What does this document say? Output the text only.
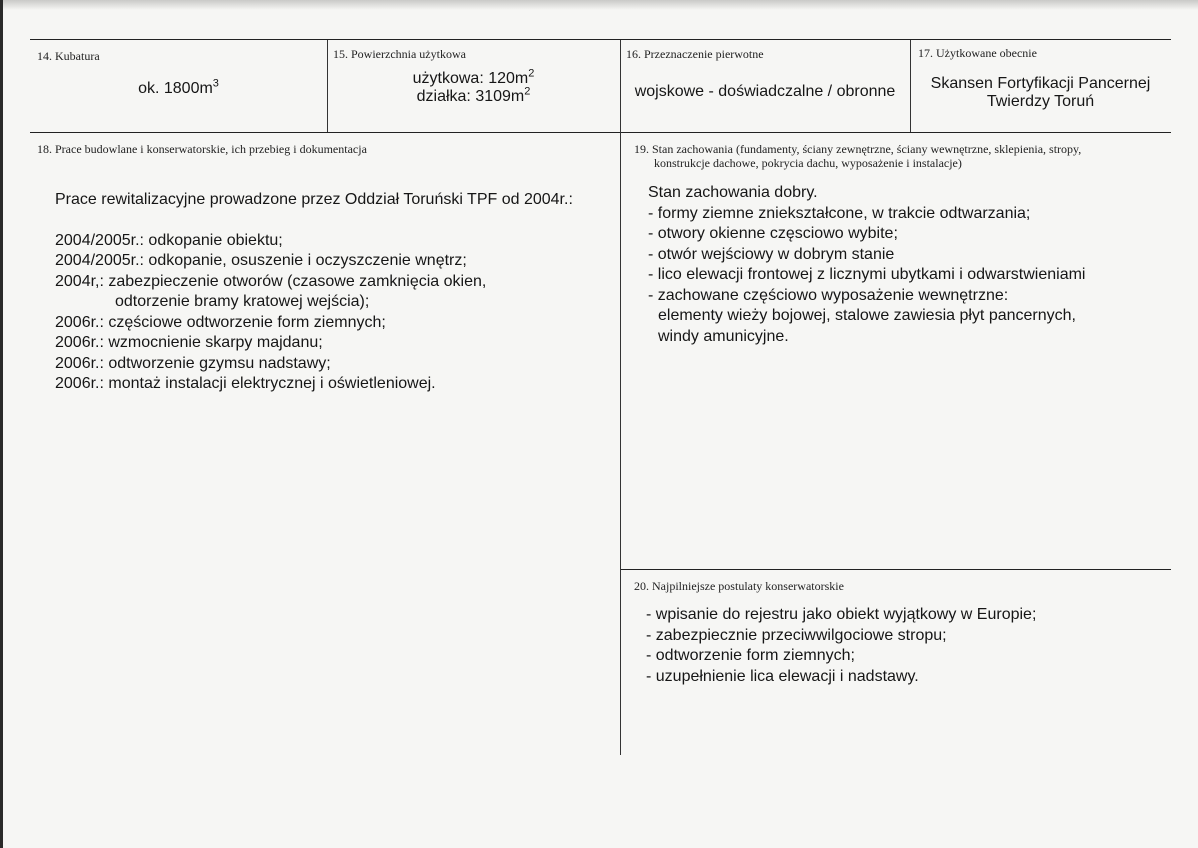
14. Kubatura
ok. $1800m^3$
15. Powierzchnia użytkowa
użytkowa: $120m^2$
działka: $3109m^2$
16. Przeznaczenie pierwotne
wojskowe - doświadczalne / obronne
17. Użytkowane obecnie
Skansen Fortyfikacji Pancernej
Twierdzy Toruń
18. Prace budowlane i konserwatorskie, ich przebieg i dokumentacja
Prace rewitalizacyjne prowadzone przez Oddział Toruński TPF od 2004r.:
2004/2005r.: odkopanie obiektu;
2004/2005r.: odkopanie, osuszenie i oczyszczenie wnętrz;
2004r,: zabezpieczenie otworów (czasowe zamknięcia okien,
odtorzenie bramy kratowej wejścia);
2006r.: częściowe odtworzenie form ziemnych;
2006r.: wzmocnienie skarpy majdanu;
2006r.: odtworzenie gzymsu nadstawy;
2006r.: montaż instalacji elektrycznej i oświetleniowej.
19. Stan zachowania (fundamenty, ściany zewnętrzne, ściany wewnętrzne, sklepienia, stropy,
konstrukcje dachowe, pokrycia dachu, wyposażenie i instalacje)
Stan zachowania dobry.
- formy ziemne zniekształcone, w trakcie odtwarzania;
- otwory okienne częsciowo wybite;
- otwór wejściowy w dobrym stanie
- lico elewacji frontowej z licznymi ubytkami i odwarstwieniami
- zachowane częściowo wyposażenie wewnętrzne:
elementy wieży bojowej, stalowe zawiesia płyt pancernych,
windy amunicyjne.
20. Najpilniejsze postulaty konserwatorskie
- wpisanie do rejestru jako obiekt wyjątkowy w Europie;
- zabezpiecznie przeciwwilgociowe stropu;
- odtworzenie form ziemnych;
- uzupełnienie lica elewacji i nadstawy.
